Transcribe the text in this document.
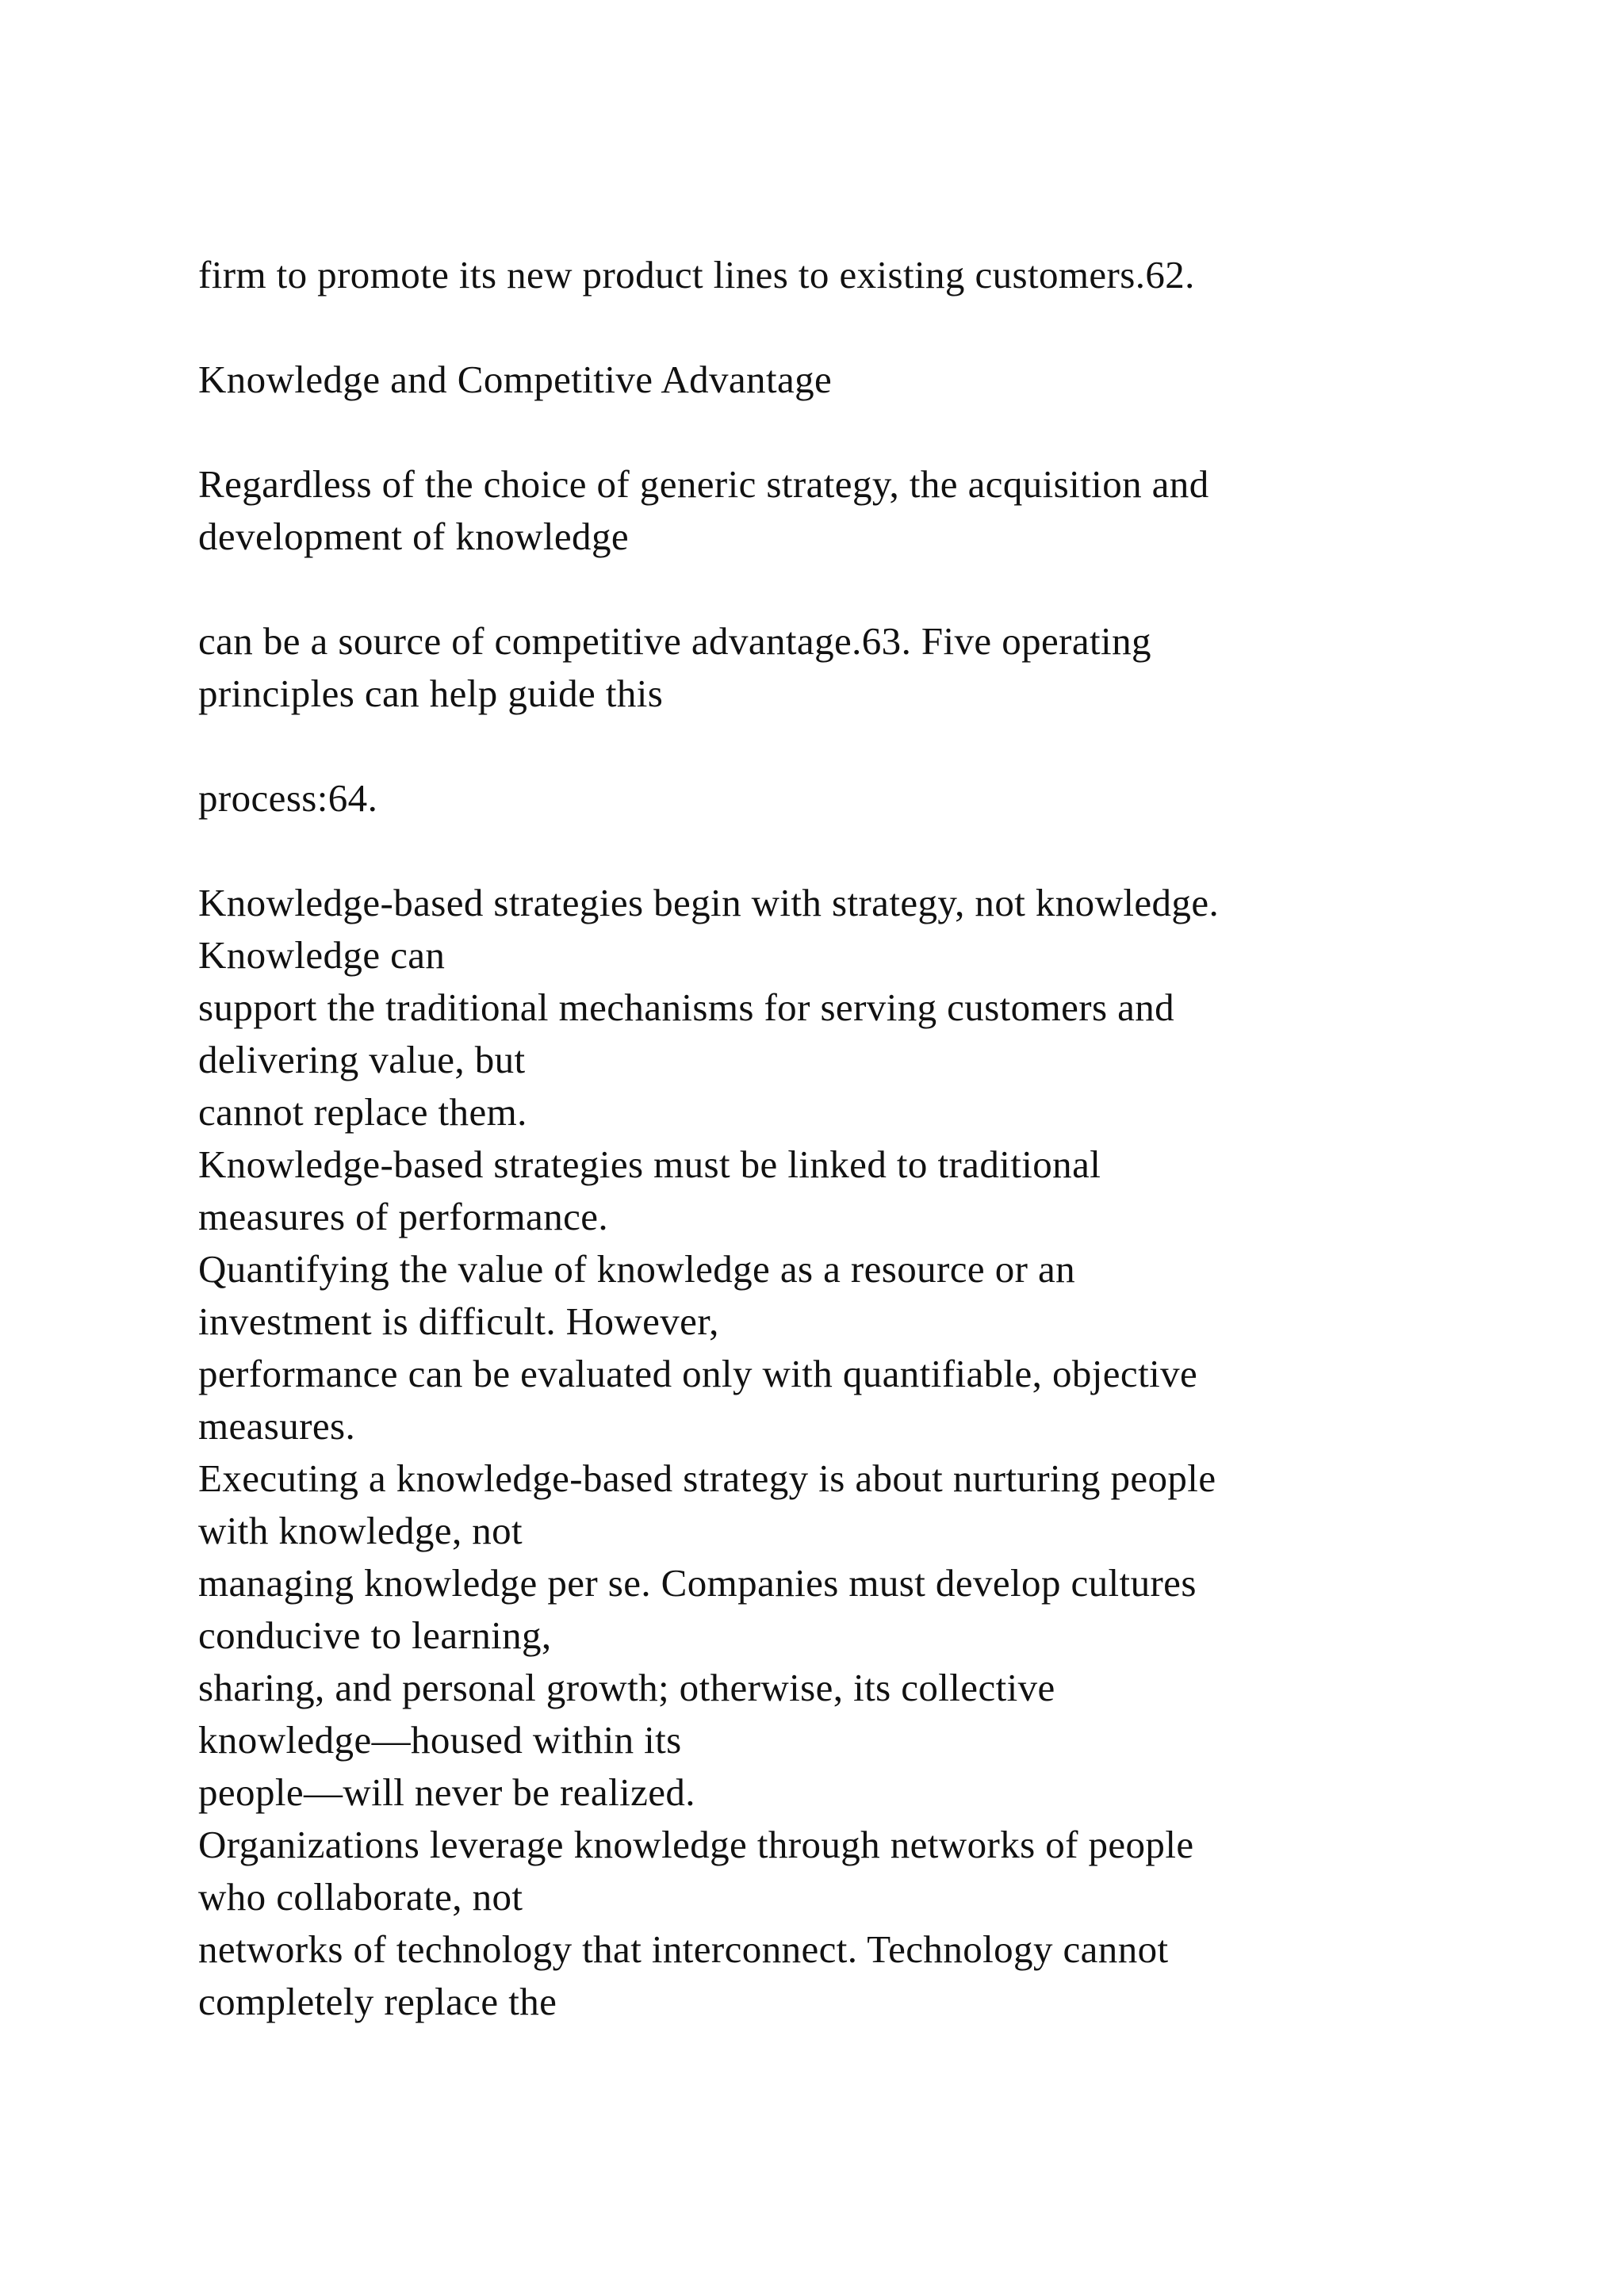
firm to promote its new product lines to existing customers.62.

Knowledge and Competitive Advantage

Regardless of the choice of generic strategy, the acquisition and

development of knowledge

can be a source of competitive advantage.63. Five operating

principles can help guide this

process:64.

Knowledge-based strategies begin with strategy, not knowledge.

Knowledge can

support the traditional mechanisms for serving customers and

delivering value, but

cannot replace them.

Knowledge-based strategies must be linked to traditional

measures of performance.

Quantifying the value of knowledge as a resource or an

investment is difficult. However,

performance can be evaluated only with quantifiable, objective

measures.

Executing a knowledge-based strategy is about nurturing people

with knowledge, not

managing knowledge per se. Companies must develop cultures

conducive to learning,

sharing, and personal growth; otherwise, its collective

knowledge—housed within its

people—will never be realized.

Organizations leverage knowledge through networks of people

who collaborate, not

networks of technology that interconnect. Technology cannot

completely replace the
